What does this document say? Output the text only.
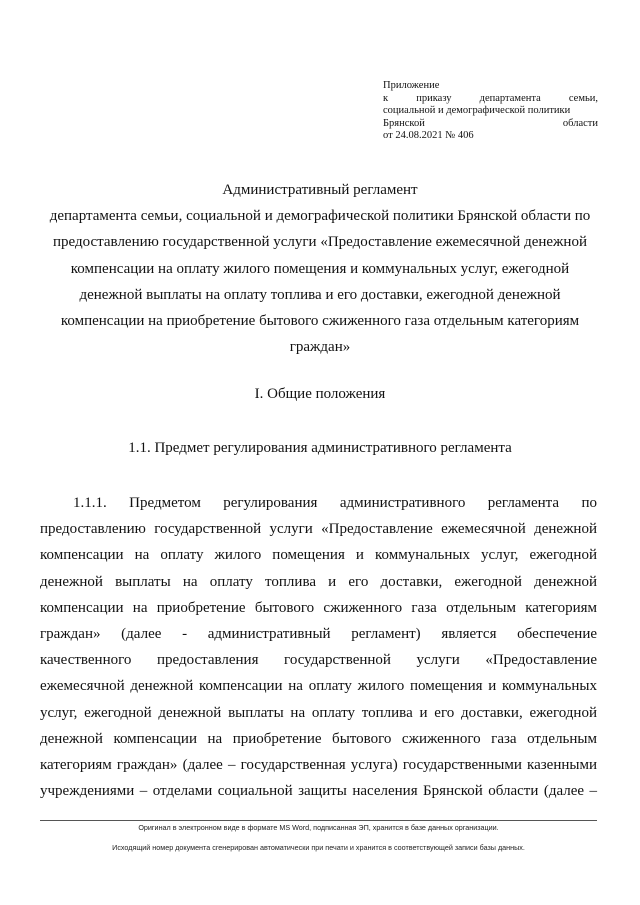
Приложение
к приказу департамента семьи,
социальной и демографической политики
Брянской области
от 24.08.2021 № 406
Административный регламент
департамента семьи, социальной и демографической политики Брянской области по
предоставлению государственной услуги «Предоставление ежемесячной денежной
компенсации на оплату жилого помещения и коммунальных услуг, ежегодной
денежной выплаты на оплату топлива и его доставки, ежегодной денежной
компенсации на приобретение бытового сжиженного газа отдельным категориям
граждан»
I. Общие положения
1.1. Предмет регулирования административного регламента
1.1.1. Предметом регулирования административного регламента по
предоставлению государственной услуги «Предоставление ежемесячной денежной
компенсации на оплату жилого помещения и коммунальных услуг, ежегодной
денежной выплаты на оплату топлива и его доставки, ежегодной денежной
компенсации на приобретение бытового сжиженного газа отдельным категориям
граждан» (далее - административный регламент) является обеспечение
качественного предоставления государственной услуги «Предоставление
ежемесячной денежной компенсации на оплату жилого помещения и коммунальных
услуг, ежегодной денежной выплаты на оплату топлива и его доставки, ежегодной
денежной компенсации на приобретение бытового сжиженного газа отдельным
категориям граждан» (далее – государственная услуга) государственными казенными
учреждениями – отделами социальной защиты населения Брянской области (далее –
Оригинал в электронном виде в формате MS Word, подписанная ЭП, хранится в базе данных организации.
Исходящий номер документа сгенерирован автоматически при печати и хранится в соответствующей записи базы данных.
